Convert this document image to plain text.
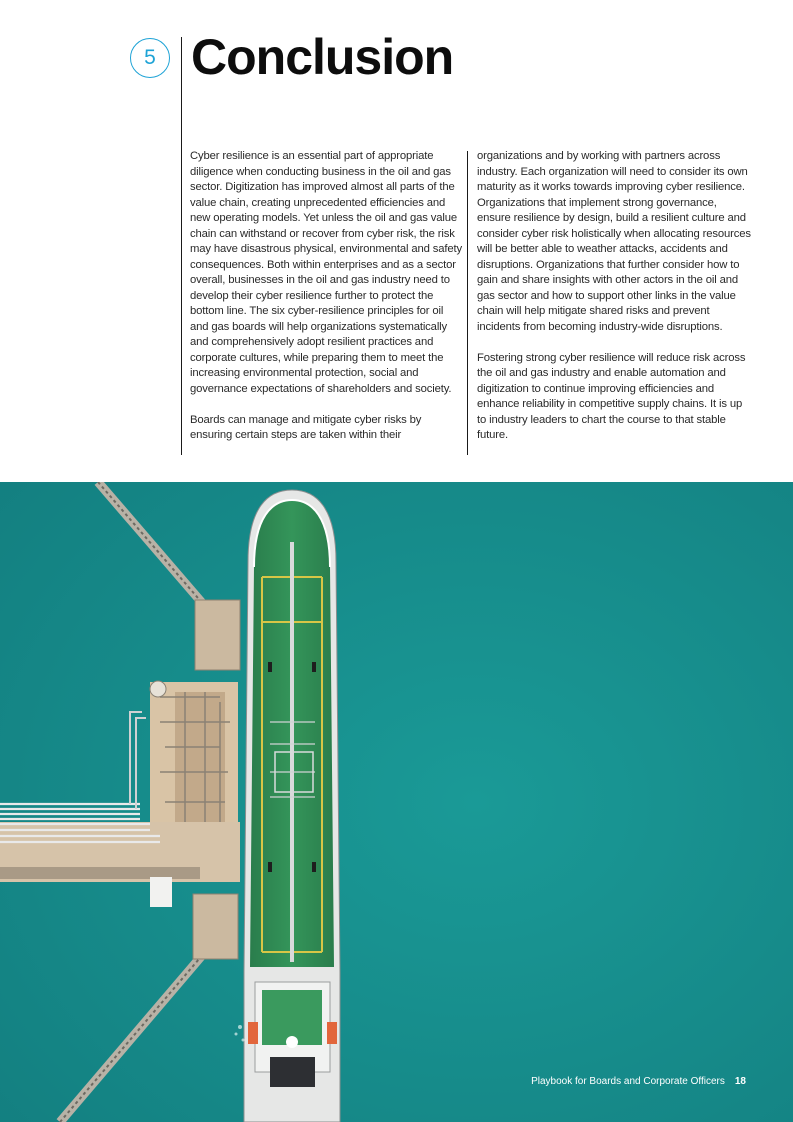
5 Conclusion

Cyber resilience is an essential part of appropriate diligence when conducting business in the oil and gas sector. Digitization has improved almost all parts of the value chain, creating unprecedented efficiencies and new operating models. Yet unless the oil and gas value chain can withstand or recover from cyber risk, the risk may have disastrous physical, environmental and safety consequences. Both within enterprises and as a sector overall, businesses in the oil and gas industry need to develop their cyber resilience further to protect the bottom line. The six cyber-resilience principles for oil and gas boards will help organizations systematically and comprehensively adopt resilient practices and corporate cultures, while preparing them to meet the increasing environmental protection, social and governance expectations of shareholders and society.

Boards can manage and mitigate cyber risks by ensuring certain steps are taken within their

organizations and by working with partners across industry. Each organization will need to consider its own maturity as it works towards improving cyber resilience. Organizations that implement strong governance, ensure resilience by design, build a resilient culture and consider cyber risk holistically when allocating resources will be better able to weather attacks, accidents and disruptions. Organizations that further consider how to gain and share insights with other actors in the oil and gas sector and how to support other links in the value chain will help mitigate shared risks and prevent incidents from becoming industry-wide disruptions.

Fostering strong cyber resilience will reduce risk across the oil and gas industry and enable automation and digitization to continue improving efficiencies and enhance reliability in competitive supply chains. It is up to industry leaders to chart the course to that stable future.

Playbook for Boards and Corporate Officers 18
